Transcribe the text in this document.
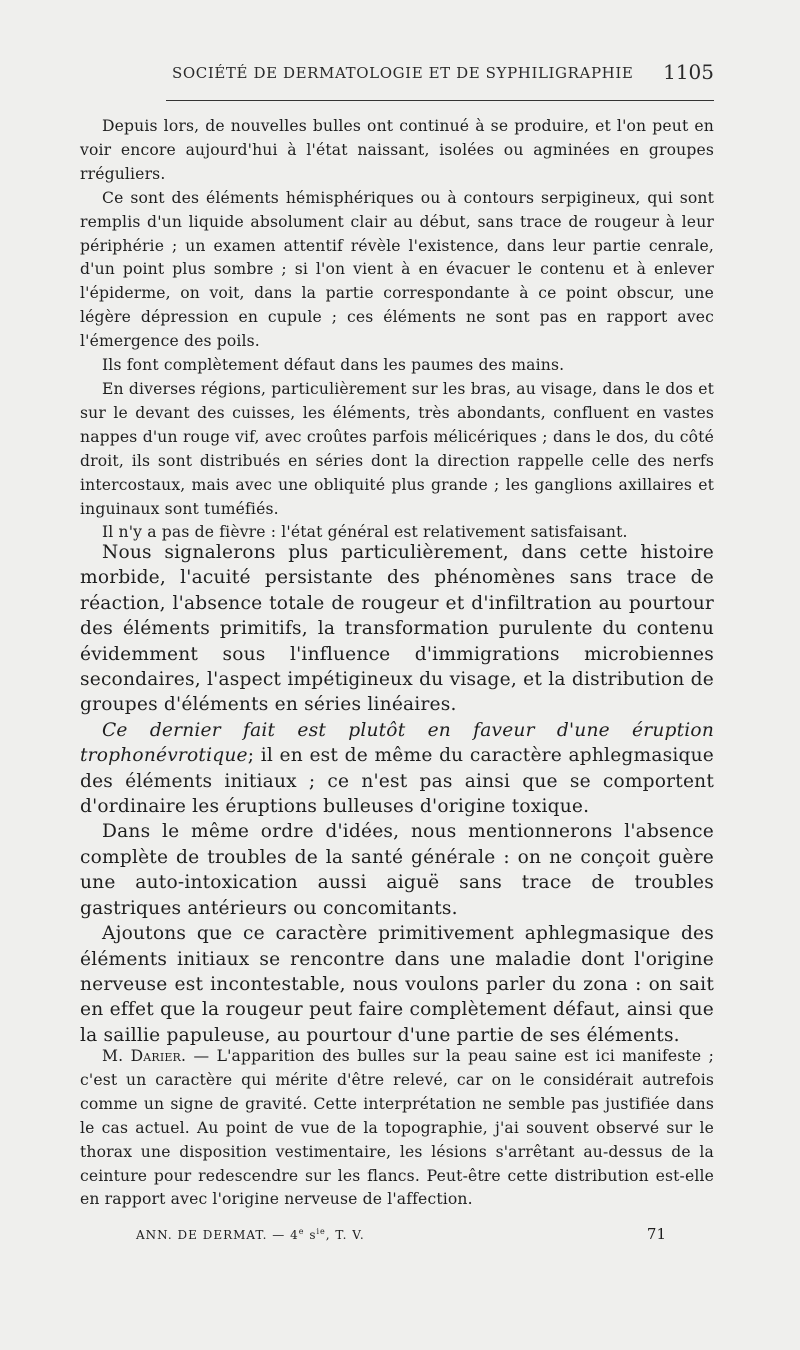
SOCIÉTÉ DE DERMATOLOGIE ET DE SYPHILIGRAPHIE 1105

Depuis lors, de nouvelles bulles ont continué à se produire, et l'on peut en voir encore aujourd'hui à l'état naissant, isolées ou agminées en groupes rréguliers.

Ce sont des éléments hémisphériques ou à contours serpigineux, qui sont remplis d'un liquide absolument clair au début, sans trace de rougeur à leur périphérie ; un examen attentif révèle l'existence, dans leur partie cenrale, d'un point plus sombre ; si l'on vient à en évacuer le contenu et à enlever l'épiderme, on voit, dans la partie correspondante à ce point obscur, une légère dépression en cupule ; ces éléments ne sont pas en rapport avec l'émergence des poils.

Ils font complètement défaut dans les paumes des mains.

En diverses régions, particulièrement sur les bras, au visage, dans le dos et sur le devant des cuisses, les éléments, très abondants, confluent en vastes nappes d'un rouge vif, avec croûtes parfois mélicériques ; dans le dos, du côté droit, ils sont distribués en séries dont la direction rappelle celle des nerfs intercostaux, mais avec une obliquité plus grande ; les ganglions axillaires et inguinaux sont tuméfiés.

Il n'y a pas de fièvre : l'état général est relativement satisfaisant.

Nous signalerons plus particulièrement, dans cette histoire morbide, l'acuité persistante des phénomènes sans trace de réaction, l'absence totale de rougeur et d'infiltration au pourtour des éléments primitifs, la transformation purulente du contenu évidemment sous l'influence d'immigrations microbiennes secondaires, l'aspect impétigineux du visage, et la distribution de groupes d'éléments en séries linéaires.

Ce dernier fait est plutôt en faveur d'une éruption trophonévrotique; il en est de même du caractère aphlegmasique des éléments initiaux ; ce n'est pas ainsi que se comportent d'ordinaire les éruptions bulleuses d'origine toxique.

Dans le même ordre d'idées, nous mentionnerons l'absence complète de troubles de la santé générale : on ne conçoit guère une auto-intoxication aussi aiguë sans trace de troubles gastriques antérieurs ou concomitants.

Ajoutons que ce caractère primitivement aphlegmasique des éléments initiaux se rencontre dans une maladie dont l'origine nerveuse est incontestable, nous voulons parler du zona : on sait en effet que la rougeur peut faire complètement défaut, ainsi que la saillie papuleuse, au pourtour d'une partie de ses éléments.

M. Darier. — L'apparition des bulles sur la peau saine est ici manifeste ; c'est un caractère qui mérite d'être relevé, car on le considérait autrefois comme un signe de gravité. Cette interprétation ne semble pas justifiée dans le cas actuel. Au point de vue de la topographie, j'ai souvent observé sur le thorax une disposition vestimentaire, les lésions s'arrêtant au-dessus de la ceinture pour redescendre sur les flancs. Peut-être cette distribution est-elle en rapport avec l'origine nerveuse de l'affection.

ANN. DE DERMAT. — 4e $s^{ie}$, T. V.	71
